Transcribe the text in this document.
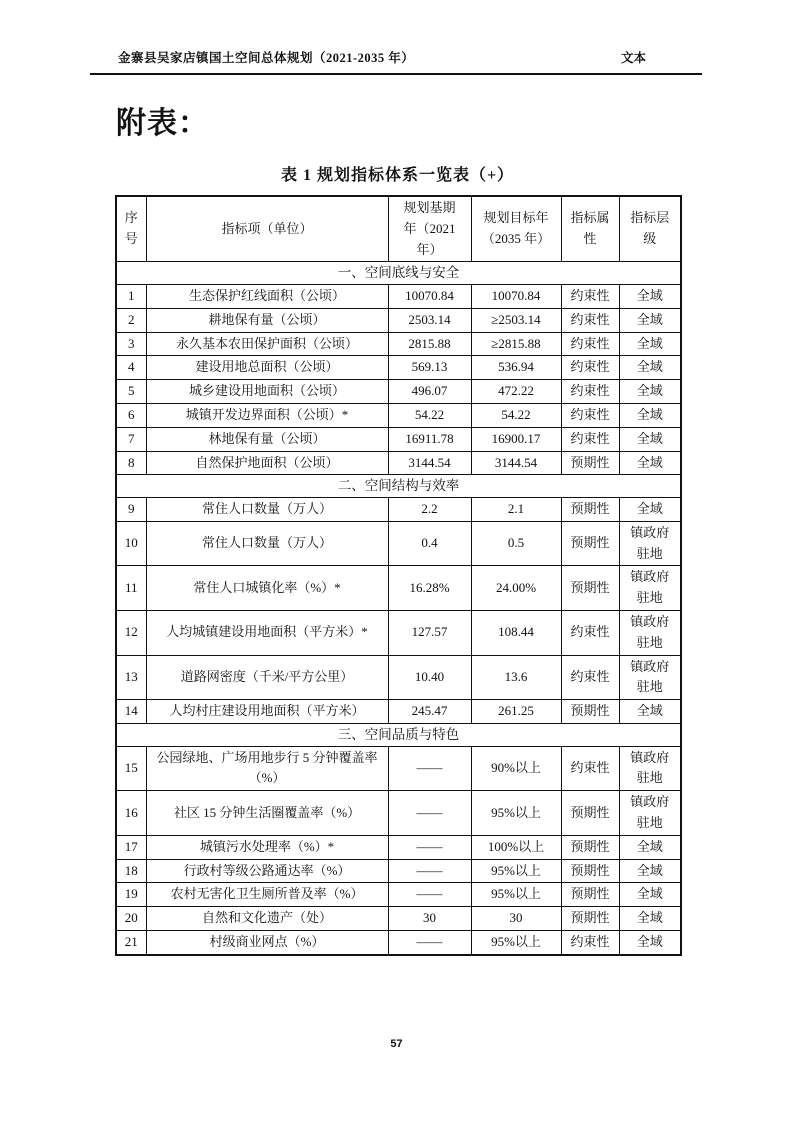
金寨县吴家店镇国土空间总体规划（2021-2035 年）	文本
附表：
表 1 规划指标体系一览表（+）
序号	指标项（单位）	规划基期年（2021 年）	规划目标年（2035 年）	指标属性	指标层级
一、空间底线与安全					
1	生态保护红线面积（公顷）	10070.84	10070.84	约束性	全域
2	耕地保有量（公顷）	2503.14	≥2503.14	约束性	全域
3	永久基本农田保护面积（公顷）	2815.88	≥2815.88	约束性	全域
4	建设用地总面积（公顷）	569.13	536.94	约束性	全域
5	城乡建设用地面积（公顷）	496.07	472.22	约束性	全域
6	城镇开发边界面积（公顷）*	54.22	54.22	约束性	全域
7	林地保有量（公顷）	16911.78	16900.17	约束性	全域
8	自然保护地面积（公顷）	3144.54	3144.54	预期性	全域
二、空间结构与效率					
9	常住人口数量（万人）	2.2	2.1	预期性	全域
10	常住人口数量（万人）	0.4	0.5	预期性	镇政府驻地
11	常住人口城镇化率（%）*	16.28%	24.00%	预期性	镇政府驻地
12	人均城镇建设用地面积（平方米）*	127.57	108.44	约束性	镇政府驻地
13	道路网密度（千米/平方公里）	10.40	13.6	约束性	镇政府驻地
14	人均村庄建设用地面积（平方米）	245.47	261.25	预期性	全域
三、空间品质与特色					
15	公园绿地、广场用地步行 5 分钟覆盖率（%）	——	90%以上	约束性	镇政府驻地
16	社区 15 分钟生活圈覆盖率（%）	——	95%以上	预期性	镇政府驻地
17	城镇污水处理率（%）*	——	100%以上	预期性	全域
18	行政村等级公路通达率（%）	——	95%以上	预期性	全域
19	农村无害化卫生厕所普及率（%）	——	95%以上	预期性	全域
20	自然和文化遗产（处）	30	30	预期性	全域
21	村级商业网点（%）	——	95%以上	约束性	全域
57
